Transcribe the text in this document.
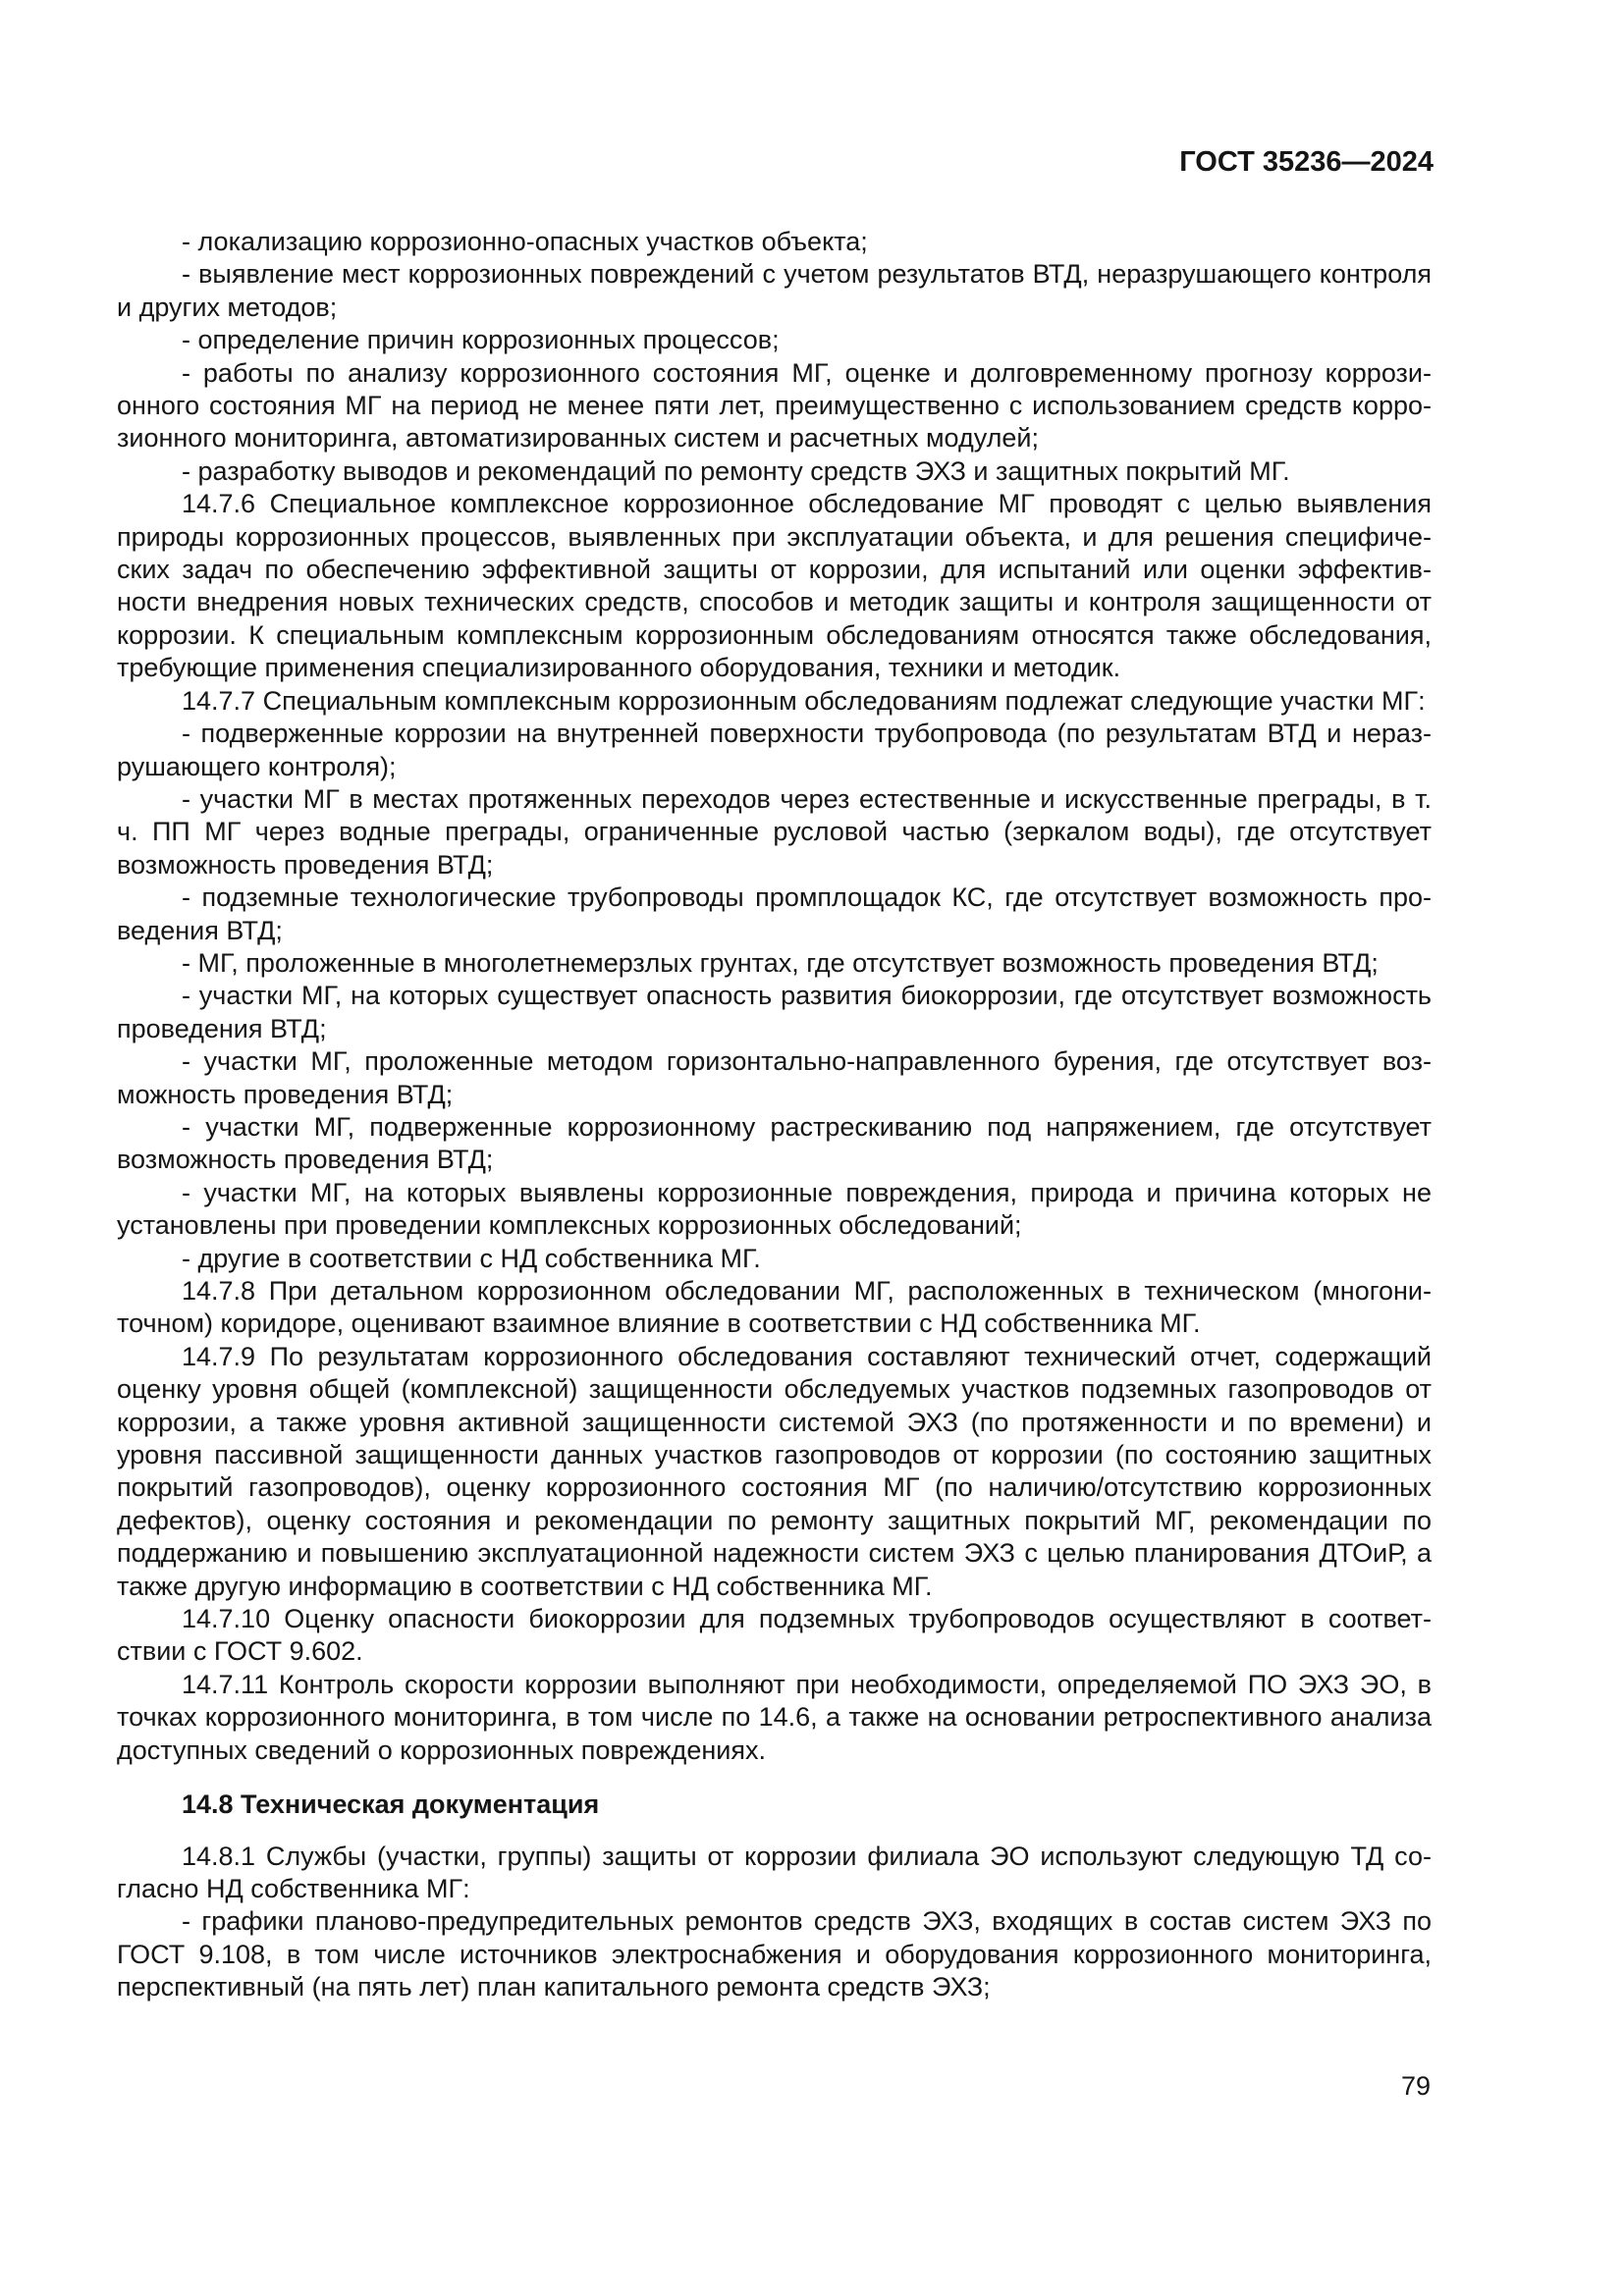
ГОСТ 35236—2024

- локализацию коррозионно-опасных участков объекта;

- выявление мест коррозионных повреждений с учетом результатов ВТД, неразрушающего контроля и других методов;

- определение причин коррозионных процессов;

- работы по анализу коррозионного состояния МГ, оценке и долговременному прогнозу коррозионного состояния МГ на период не менее пяти лет, преимущественно с использованием средств коррозионного мониторинга, автоматизированных систем и расчетных модулей;

- разработку выводов и рекомендаций по ремонту средств ЭХЗ и защитных покрытий МГ.

14.7.6 Специальное комплексное коррозионное обследование МГ проводят с целью выявления природы коррозионных процессов, выявленных при эксплуатации объекта, и для решения специфических задач по обеспечению эффективной защиты от коррозии, для испытаний или оценки эффективности внедрения новых технических средств, способов и методик защиты и контроля защищенности от коррозии. К специальным комплексным коррозионным обследованиям относятся также обследования, требующие применения специализированного оборудования, техники и методик.

14.7.7 Специальным комплексным коррозионным обследованиям подлежат следующие участки МГ:

- подверженные коррозии на внутренней поверхности трубопровода (по результатам ВТД и неразрушающего контроля);

- участки МГ в местах протяженных переходов через естественные и искусственные преграды, в т. ч. ПП МГ через водные преграды, ограниченные русловой частью (зеркалом воды), где отсутствует возможность проведения ВТД;

- подземные технологические трубопроводы промплощадок КС, где отсутствует возможность проведения ВТД;

- МГ, проложенные в многолетнемерзлых грунтах, где отсутствует возможность проведения ВТД;

- участки МГ, на которых существует опасность развития биокоррозии, где отсутствует возможность проведения ВТД;

- участки МГ, проложенные методом горизонтально-направленного бурения, где отсутствует возможность проведения ВТД;

- участки МГ, подверженные коррозионному растрескиванию под напряжением, где отсутствует возможность проведения ВТД;

- участки МГ, на которых выявлены коррозионные повреждения, природа и причина которых не установлены при проведении комплексных коррозионных обследований;

- другие в соответствии с НД собственника МГ.

14.7.8 При детальном коррозионном обследовании МГ, расположенных в техническом (многониточном) коридоре, оценивают взаимное влияние в соответствии с НД собственника МГ.

14.7.9 По результатам коррозионного обследования составляют технический отчет, содержащий оценку уровня общей (комплексной) защищенности обследуемых участков подземных газопроводов от коррозии, а также уровня активной защищенности системой ЭХЗ (по протяженности и по времени) и уровня пассивной защищенности данных участков газопроводов от коррозии (по состоянию защитных покрытий газопроводов), оценку коррозионного состояния МГ (по наличию/отсутствию коррозионных дефектов), оценку состояния и рекомендации по ремонту защитных покрытий МГ, рекомендации по поддержанию и повышению эксплуатационной надежности систем ЭХЗ с целью планирования ДТОиР, а также другую информацию в соответствии с НД собственника МГ.

14.7.10 Оценку опасности биокоррозии для подземных трубопроводов осуществляют в соответствии с ГОСТ 9.602.

14.7.11 Контроль скорости коррозии выполняют при необходимости, определяемой ПО ЭХЗ ЭО, в точках коррозионного мониторинга, в том числе по 14.6, а также на основании ретроспективного анализа доступных сведений о коррозионных повреждениях.

14.8 Техническая документация

14.8.1 Службы (участки, группы) защиты от коррозии филиала ЭО используют следующую ТД согласно НД собственника МГ:

- графики планово-предупредительных ремонтов средств ЭХЗ, входящих в состав систем ЭХЗ по ГОСТ 9.108, в том числе источников электроснабжения и оборудования коррозионного мониторинга, перспективный (на пять лет) план капитального ремонта средств ЭХЗ;

79
